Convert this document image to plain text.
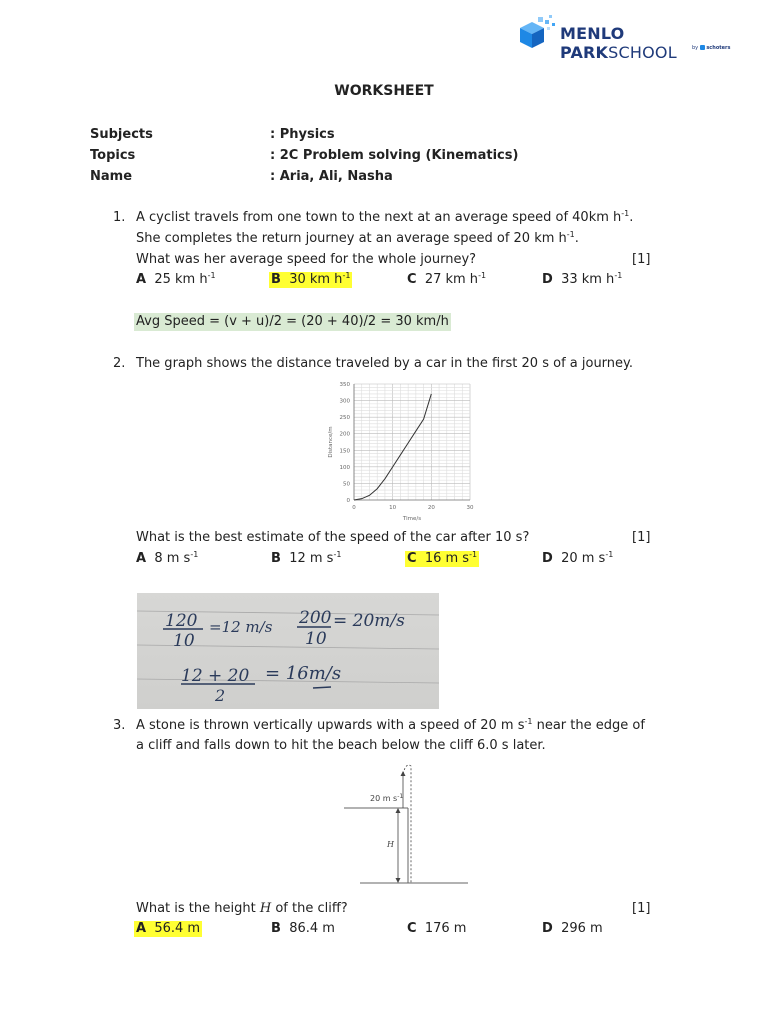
MENLO PARKSCHOOL	by schoters
WORKSHEET
Subjects	: Physics
Topics	: 2C Problem solving (Kinematics)
Name	: Aria, Ali, Nasha
1. A cyclist travels from one town to the next at an average speed of 40km $h^{-1}$.
She completes the return journey at an average speed of 20 km $h^{-1}$.
What was her average speed for the whole journey?	[1]
A 25 km $h^{-1}$	B 30 km $h^{-1}$	C 27 km $h^{-1}$	D 33 km $h^{-1}$
Avg Speed = (v + u)/2 = (20 + 40)/2 = 30 km/h
2. The graph shows the distance traveled by a car in the first 20 s of a journey.
0
50
100
150
200
250
300
350
0	10	20	30
Time/s
Distance/m
What is the best estimate of the speed of the car after 10 s?	[1]
A 8 m $s^{-1}$	B 12 m $s^{-1}$	C 16 m $s^{-1}$	D 20 m $s^{-1}$
120
10
=12 m/s 200
10
= 20m/s
12 + 20
2
= 16m/s
3. A stone is thrown vertically upwards with a speed of 20 m $s^{-1}$ near the edge of
a cliff and falls down to hit the beach below the cliff 6.0 s later.
20 m $s^{-1}$
H
What is the height H of the cliff?	[1]
A 56.4 m	B 86.4 m	C 176 m	D 296 m
